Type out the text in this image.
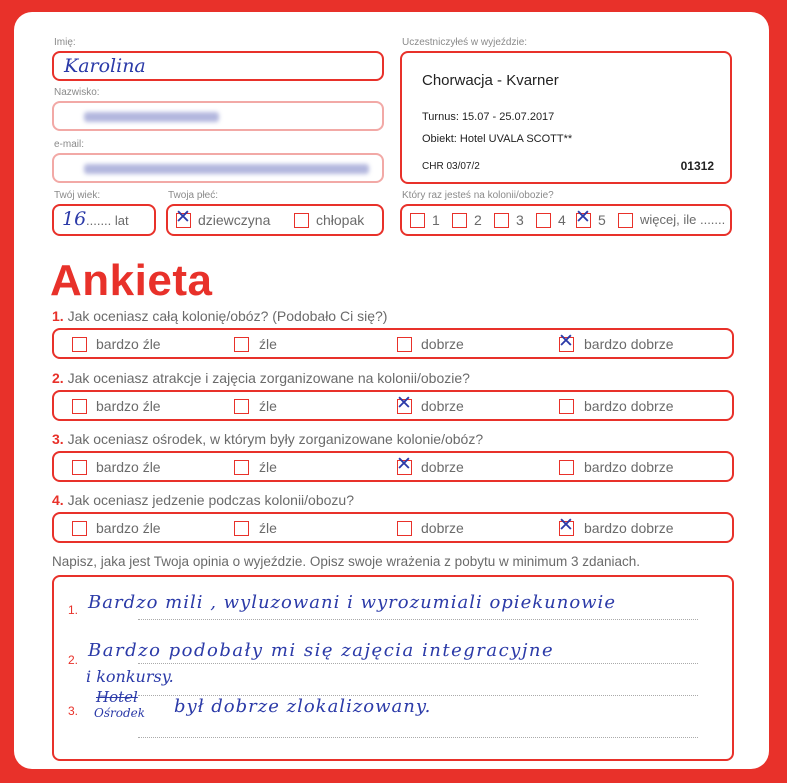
Imię:
Karolina
Nazwisko:
e-mail:
Twój wiek:
16 ....... lat
Twoja płeć:
✕ dziewczyna	chłopak
Uczestniczyłeś w wyjeździe:
Chorwacja - Kvarner
Turnus: 15.07 - 25.07.2017
Obiekt: Hotel UVALA SCOTT**
CHR 03/07/2	01312
Który raz jesteś na kolonii/obozie?
1 2 3 4 ✕ 5	więcej, ile .......
Ankieta
1. Jak oceniasz całą kolonię/obóz? (Podobało Ci się?)
bardzo źle	źle	dobrze	✕ bardzo dobrze
2. Jak oceniasz atrakcje i zajęcia zorganizowane na kolonii/obozie?
bardzo źle	źle	✕ dobrze	bardzo dobrze
3. Jak oceniasz ośrodek, w którym były zorganizowane kolonie/obóz?
bardzo źle	źle	✕ dobrze	bardzo dobrze
4. Jak oceniasz jedzenie podczas kolonii/obozu?
bardzo źle	źle	dobrze	✕ bardzo dobrze
Napisz, jaka jest Twoja opinia o wyjeździe. Opisz swoje wrażenia z pobytu w minimum 3 zdaniach.
1. Bardzo mili , wyluzowani i wyrozumiali opiekunowie
2. Bardzo podobały mi się zajęcia integracyjne
i konkursy.
3.
Hotel
Ośrodek był dobrze zlokalizowany.
